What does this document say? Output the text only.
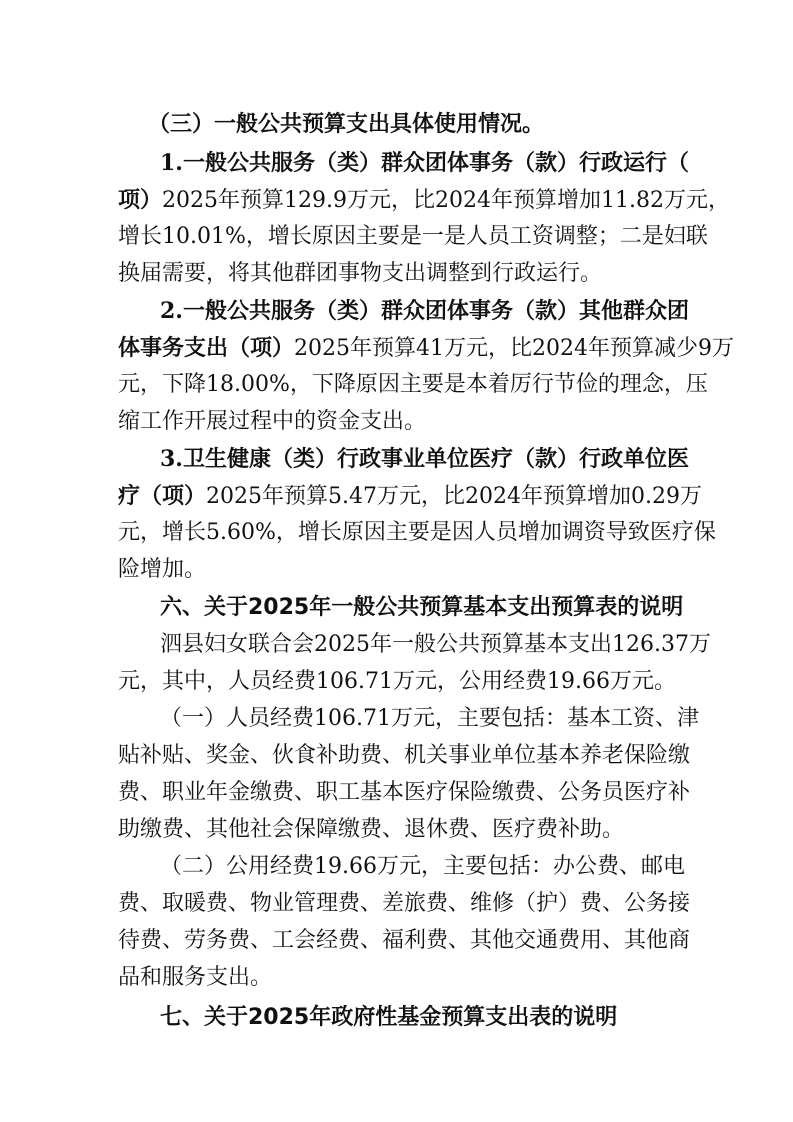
（三）一般公共预算支出具体使用情况。
1.一般公共服务（类）群众团体事务（款）行政运行（
项）2025年预算129.9万元，比2024年预算增加11.82万元，
增长10.01%，增长原因主要是一是人员工资调整；二是妇联
换届需要，将其他群团事物支出调整到行政运行。
2.一般公共服务（类）群众团体事务（款）其他群众团
体事务支出（项）2025年预算41万元，比2024年预算减少9万
元，下降18.00%，下降原因主要是本着厉行节俭的理念，压
缩工作开展过程中的资金支出。
3.卫生健康（类）行政事业单位医疗（款）行政单位医
疗（项）2025年预算5.47万元，比2024年预算增加0.29万
元，增长5.60%，增长原因主要是因人员增加调资导致医疗保
险增加。
六、关于2025年一般公共预算基本支出预算表的说明
泗县妇女联合会2025年一般公共预算基本支出126.37万
元，其中，人员经费106.71万元，公用经费19.66万元。
（一）人员经费106.71万元，主要包括：基本工资、津
贴补贴、奖金、伙食补助费、机关事业单位基本养老保险缴
费、职业年金缴费、职工基本医疗保险缴费、公务员医疗补
助缴费、其他社会保障缴费、退休费、医疗费补助。
（二）公用经费19.66万元，主要包括：办公费、邮电
费、取暖费、物业管理费、差旅费、维修（护）费、公务接
待费、劳务费、工会经费、福利费、其他交通费用、其他商
品和服务支出。
七、关于2025年政府性基金预算支出表的说明
